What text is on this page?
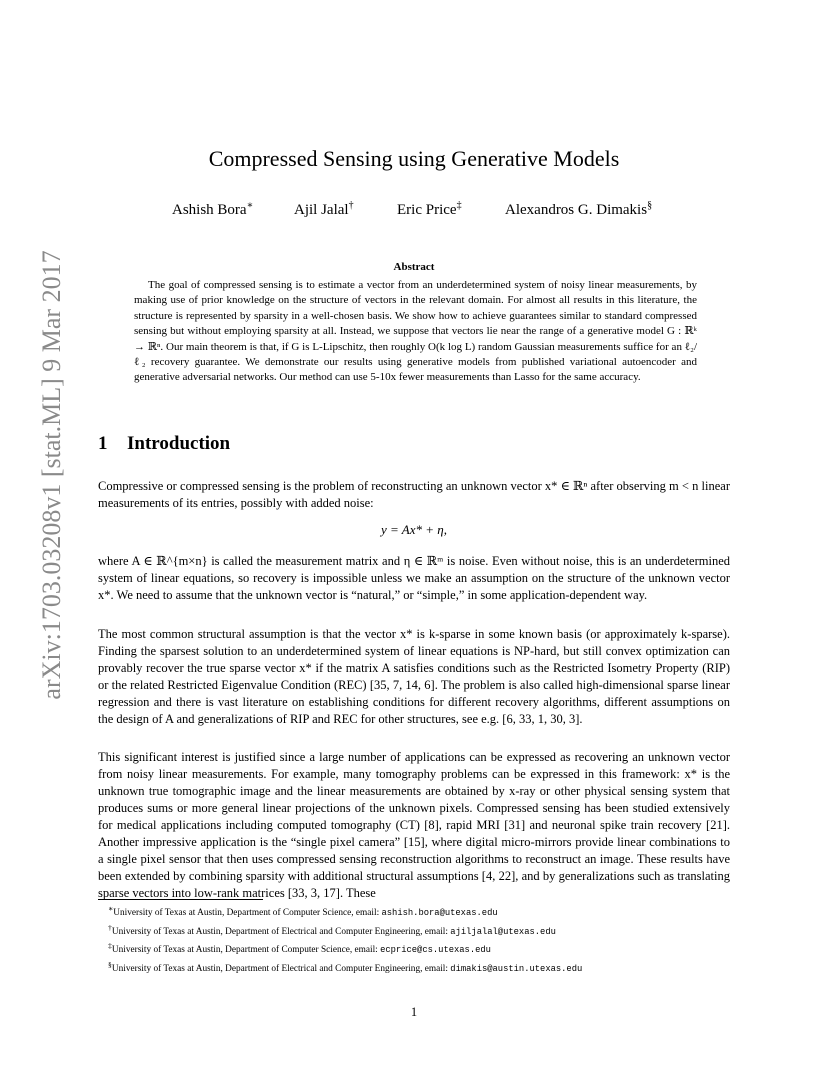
arXiv:1703.03208v1 [stat.ML] 9 Mar 2017
Compressed Sensing using Generative Models
Ashish Bora∗	Ajil Jalal†	Eric Price‡	Alexandros G. Dimakis§
Abstract
The goal of compressed sensing is to estimate a vector from an underdetermined system of noisy linear measurements, by making use of prior knowledge on the structure of vectors in the relevant domain. For almost all results in this literature, the structure is represented by sparsity in a well-chosen basis. We show how to achieve guarantees similar to standard compressed sensing but without employing sparsity at all. Instead, we suppose that vectors lie near the range of a generative model G : ℝᵏ → ℝⁿ. Our main theorem is that, if G is L-Lipschitz, then roughly O(k log L) random Gaussian measurements suffice for an ℓ₂/ℓ₂ recovery guarantee. We demonstrate our results using generative models from published variational autoencoder and generative adversarial networks. Our method can use 5-10x fewer measurements than Lasso for the same accuracy.
1 Introduction

Compressive or compressed sensing is the problem of reconstructing an unknown vector x* ∈ ℝⁿ after observing m < n linear measurements of its entries, possibly with added noise:

y = Ax* + η,

where A ∈ ℝ^{m×n} is called the measurement matrix and η ∈ ℝᵐ is noise. Even without noise, this is an underdetermined system of linear equations, so recovery is impossible unless we make an assumption on the structure of the unknown vector x*. We need to assume that the unknown vector is “natural,” or “simple,” in some application-dependent way.

The most common structural assumption is that the vector x* is k-sparse in some known basis (or approximately k-sparse). Finding the sparsest solution to an underdetermined system of linear equations is NP-hard, but still convex optimization can provably recover the true sparse vector x* if the matrix A satisfies conditions such as the Restricted Isometry Property (RIP) or the related Restricted Eigenvalue Condition (REC) [35, 7, 14, 6]. The problem is also called high-dimensional sparse linear regression and there is vast literature on establishing conditions for different recovery algorithms, different assumptions on the design of A and generalizations of RIP and REC for other structures, see e.g. [6, 33, 1, 30, 3].

This significant interest is justified since a large number of applications can be expressed as recovering an unknown vector from noisy linear measurements. For example, many tomography problems can be expressed in this framework: x* is the unknown true tomographic image and the linear measurements are obtained by x-ray or other physical sensing system that produces sums or more general linear projections of the unknown pixels. Compressed sensing has been studied extensively for medical applications including computed tomography (CT) [8], rapid MRI [31] and neuronal spike train recovery [21]. Another impressive application is the “single pixel camera” [15], where digital micro-mirrors provide linear combinations to a single pixel sensor that then uses compressed sensing reconstruction algorithms to reconstruct an image. These results have been extended by combining sparsity with additional structural assumptions [4, 22], and by generalizations such as translating sparse vectors into low-rank matrices [33, 3, 17]. These

∗University of Texas at Austin, Department of Computer Science, email: ashish.bora@utexas.edu
†University of Texas at Austin, Department of Electrical and Computer Engineering, email: ajiljalal@utexas.edu
‡University of Texas at Austin, Department of Computer Science, email: ecprice@cs.utexas.edu
§University of Texas at Austin, Department of Electrical and Computer Engineering, email: dimakis@austin.utexas.edu
1
